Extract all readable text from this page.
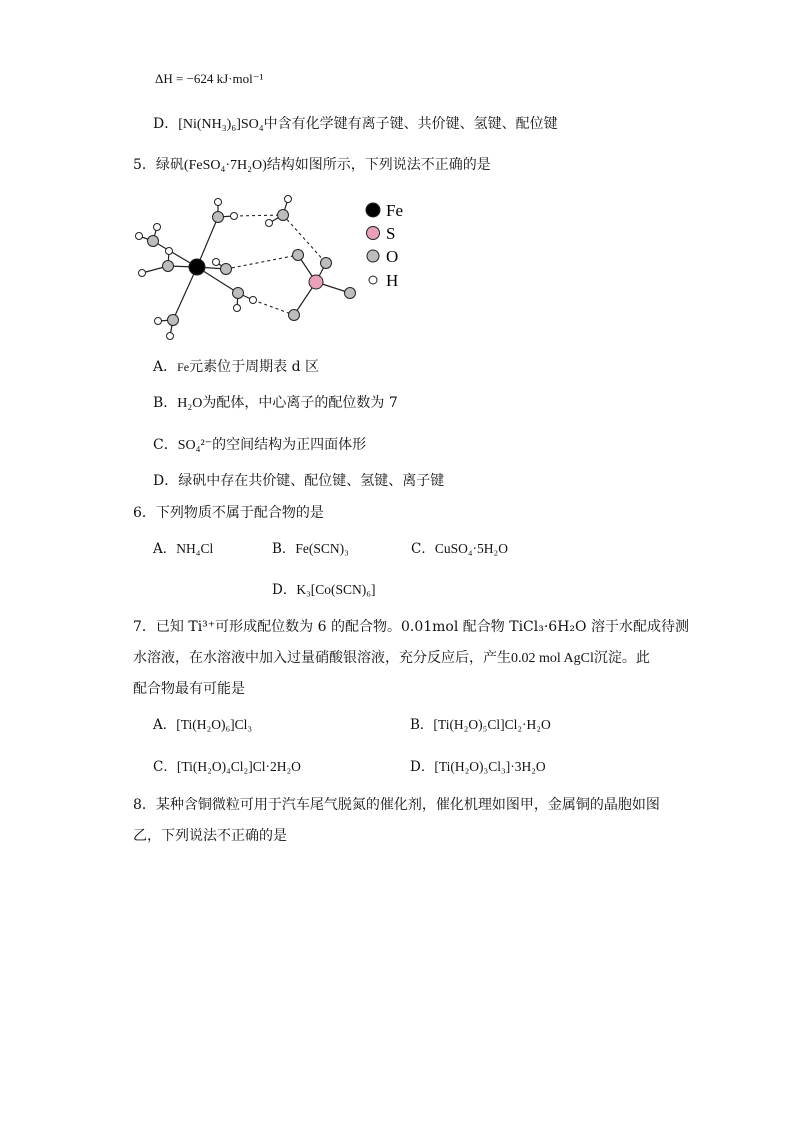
ΔH = −624 kJ·mol⁻¹
D．[Ni(NH₃)₆]SO₄中含有化学键有离子键、共价键、氢键、配位键
5．绿矾(FeSO₄·7H₂O)结构如图所示，下列说法不正确的是
Fe
S
O
H
A．Fe元素位于周期表 d 区
B．H₂O为配体，中心离子的配位数为 7
C．SO₄²⁻的空间结构为正四面体形
D．绿矾中存在共价键、配位键、氢键、离子键
6．下列物质不属于配合物的是
A．NH₄Cl	B．Fe(SCN)₃	C．CuSO₄·5H₂O
D．K₃[Co(SCN)₆]
7．已知 Ti³⁺可形成配位数为 6 的配合物。0.01mol 配合物 TiCl₃·6H₂O 溶于水配成待测
水溶液，在水溶液中加入过量硝酸银溶液，充分反应后，产生0.02 mol AgCl沉淀。此
配合物最有可能是
A．[Ti(H₂O)₆]Cl₃	B．[Ti(H₂O)₅Cl]Cl₂·H₂O
C．[Ti(H₂O)₄Cl₂]Cl·2H₂O	D．[Ti(H₂O)₃Cl₃]·3H₂O
8．某种含铜微粒可用于汽车尾气脱氮的催化剂，催化机理如图甲，金属铜的晶胞如图
乙，下列说法不正确的是
